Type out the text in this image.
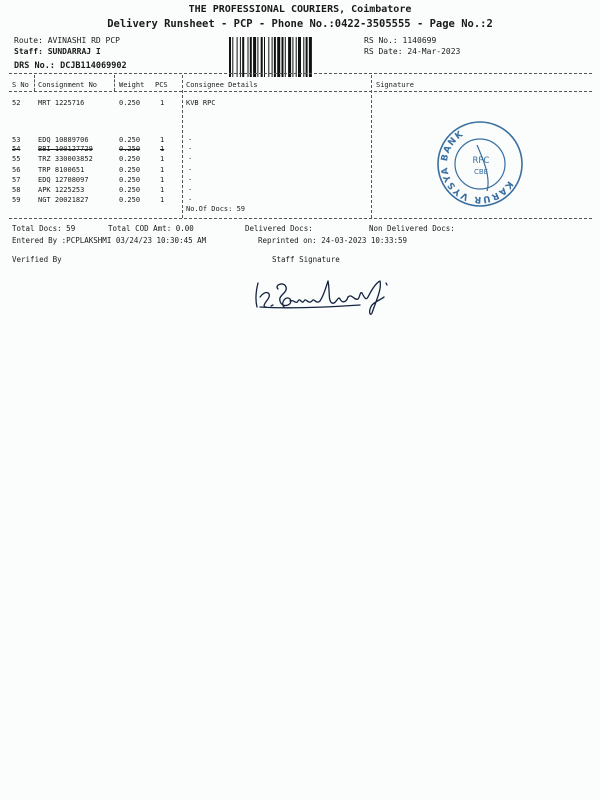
THE PROFESSIONAL COURIERS, Coimbatore
Delivery Runsheet - PCP - Phone No.:0422-3505555 - Page No.:2
Route: AVINASHI RD PCP
Staff: SUNDARRAJ I
DRS No.: DCJB114069902
RS No.: 1140699
RS Date: 24-Mar-2023
S No Consignment No	Weight PCS	Consignee Details	Signature
52	MRT 1225716	0.250	1	KVB RPC
53	EDQ 10889706	0.250	1	.
54	BBI 100127729	0.250	1	.
55	TRZ 330003852	0.250	1	.
56	TRP 8100651	0.250	1	.
57	EDQ 12708097	0.250	1	.
58	APK 1225253	0.250	1	.
59	NGT 20021827	0.250	1	.
No.Of Docs: 59
KARUR VYSYA BANK
RPC
CBE
Total Docs: 59	Total COD Amt: 0.00	Delivered Docs:	Non Delivered Docs:
Entered By :PCPLAKSHMI 03/24/23 10:30:45 AM	Reprinted on: 24-03-2023 10:33:59
Verified By	Staff Signature
